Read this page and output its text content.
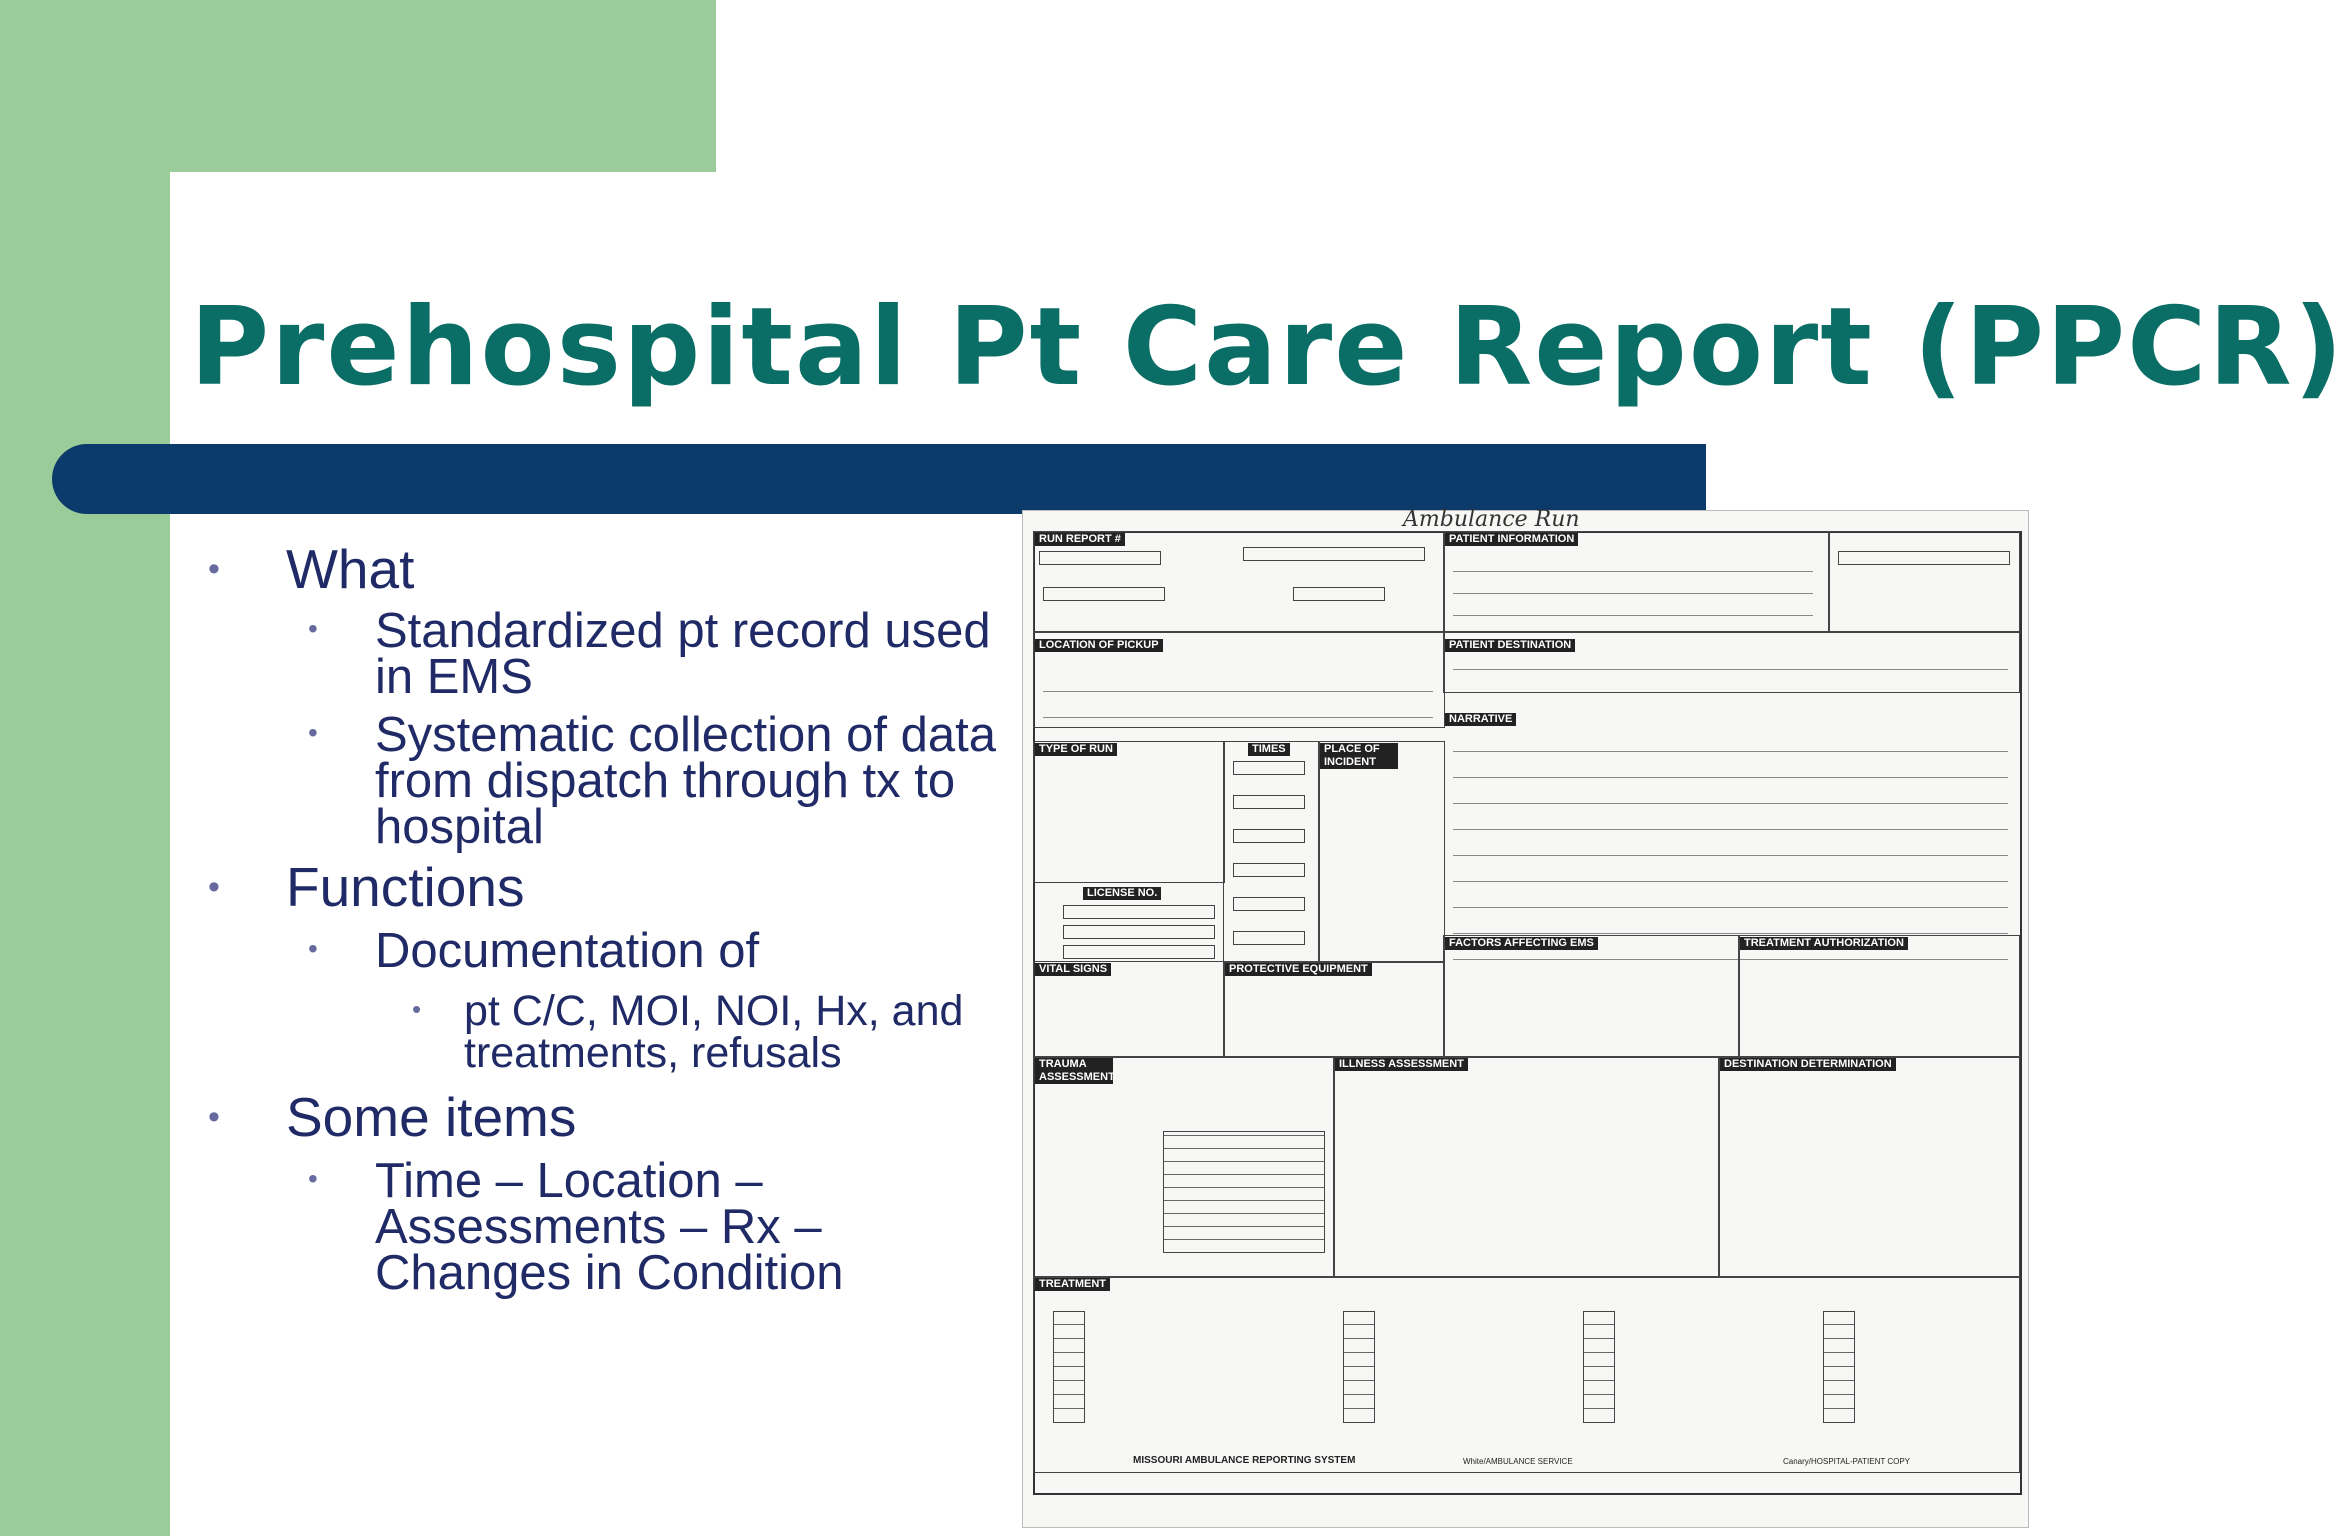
Prehospital Pt Care Report (PPCR)
• What
• Standardized pt record used in EMS
• Systematic collection of data from dispatch through tx to hospital
• Functions
• Documentation of
• pt C/C, MOI, NOI, Hx, and treatments, refusals
• Some items
• Time – Location – Assessments – Rx – Changes in Condition
Ambulance Run
RUN REPORT #	PATIENT INFORMATION
LOCATION OF PICKUP	PATIENT DESTINATION
NARRATIVE
TYPE OF RUN	TIMES	PLACE OF INCIDENT
LICENSE NO.
VITAL SIGNS	PROTECTIVE EQUIPMENT
FACTORS AFFECTING EMS	TREATMENT AUTHORIZATION
TRAUMA ASSESSMENT
ILLNESS ASSESSMENT	DESTINATION DETERMINATION
TREATMENT
MISSOURI AMBULANCE REPORTING SYSTEM	White/AMBULANCE SERVICE	Canary/HOSPITAL-PATIENT COPY
